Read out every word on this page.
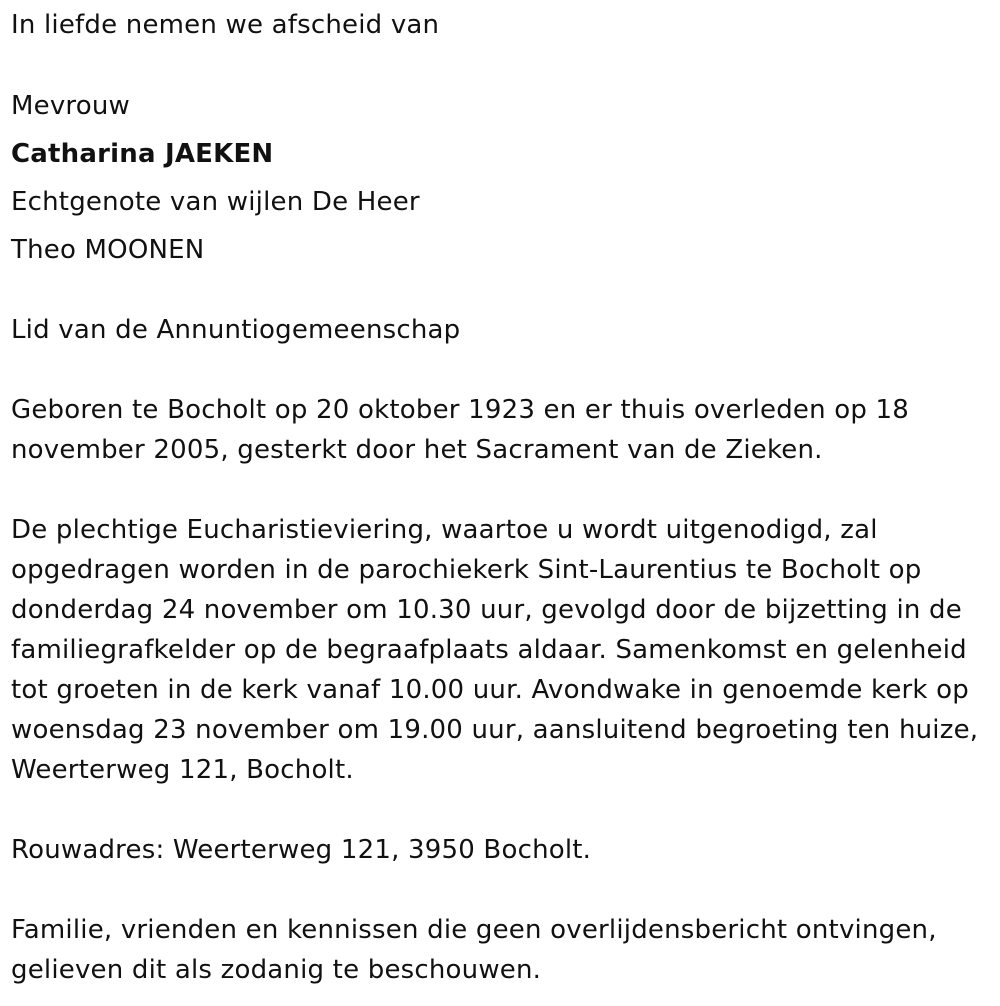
In liefde nemen we afscheid van
Mevrouw
Catharina JAEKEN
Echtgenote van wijlen De Heer
Theo MOONEN
Lid van de Annuntiogemeenschap
Geboren te Bocholt op 20 oktober 1923 en er thuis overleden op 18
november 2005, gesterkt door het Sacrament van de Zieken.
De plechtige Eucharistieviering, waartoe u wordt uitgenodigd, zal
opgedragen worden in de parochiekerk Sint-Laurentius te Bocholt op
donderdag 24 november om 10.30 uur, gevolgd door de bijzetting in de
familiegrafkelder op de begraafplaats aldaar. Samenkomst en gelenheid
tot groeten in de kerk vanaf 10.00 uur. Avondwake in genoemde kerk op
woensdag 23 november om 19.00 uur, aansluitend begroeting ten huize,
Weerterweg 121, Bocholt.
Rouwadres: Weerterweg 121, 3950 Bocholt.
Familie, vrienden en kennissen die geen overlijdensbericht ontvingen,
gelieven dit als zodanig te beschouwen.
